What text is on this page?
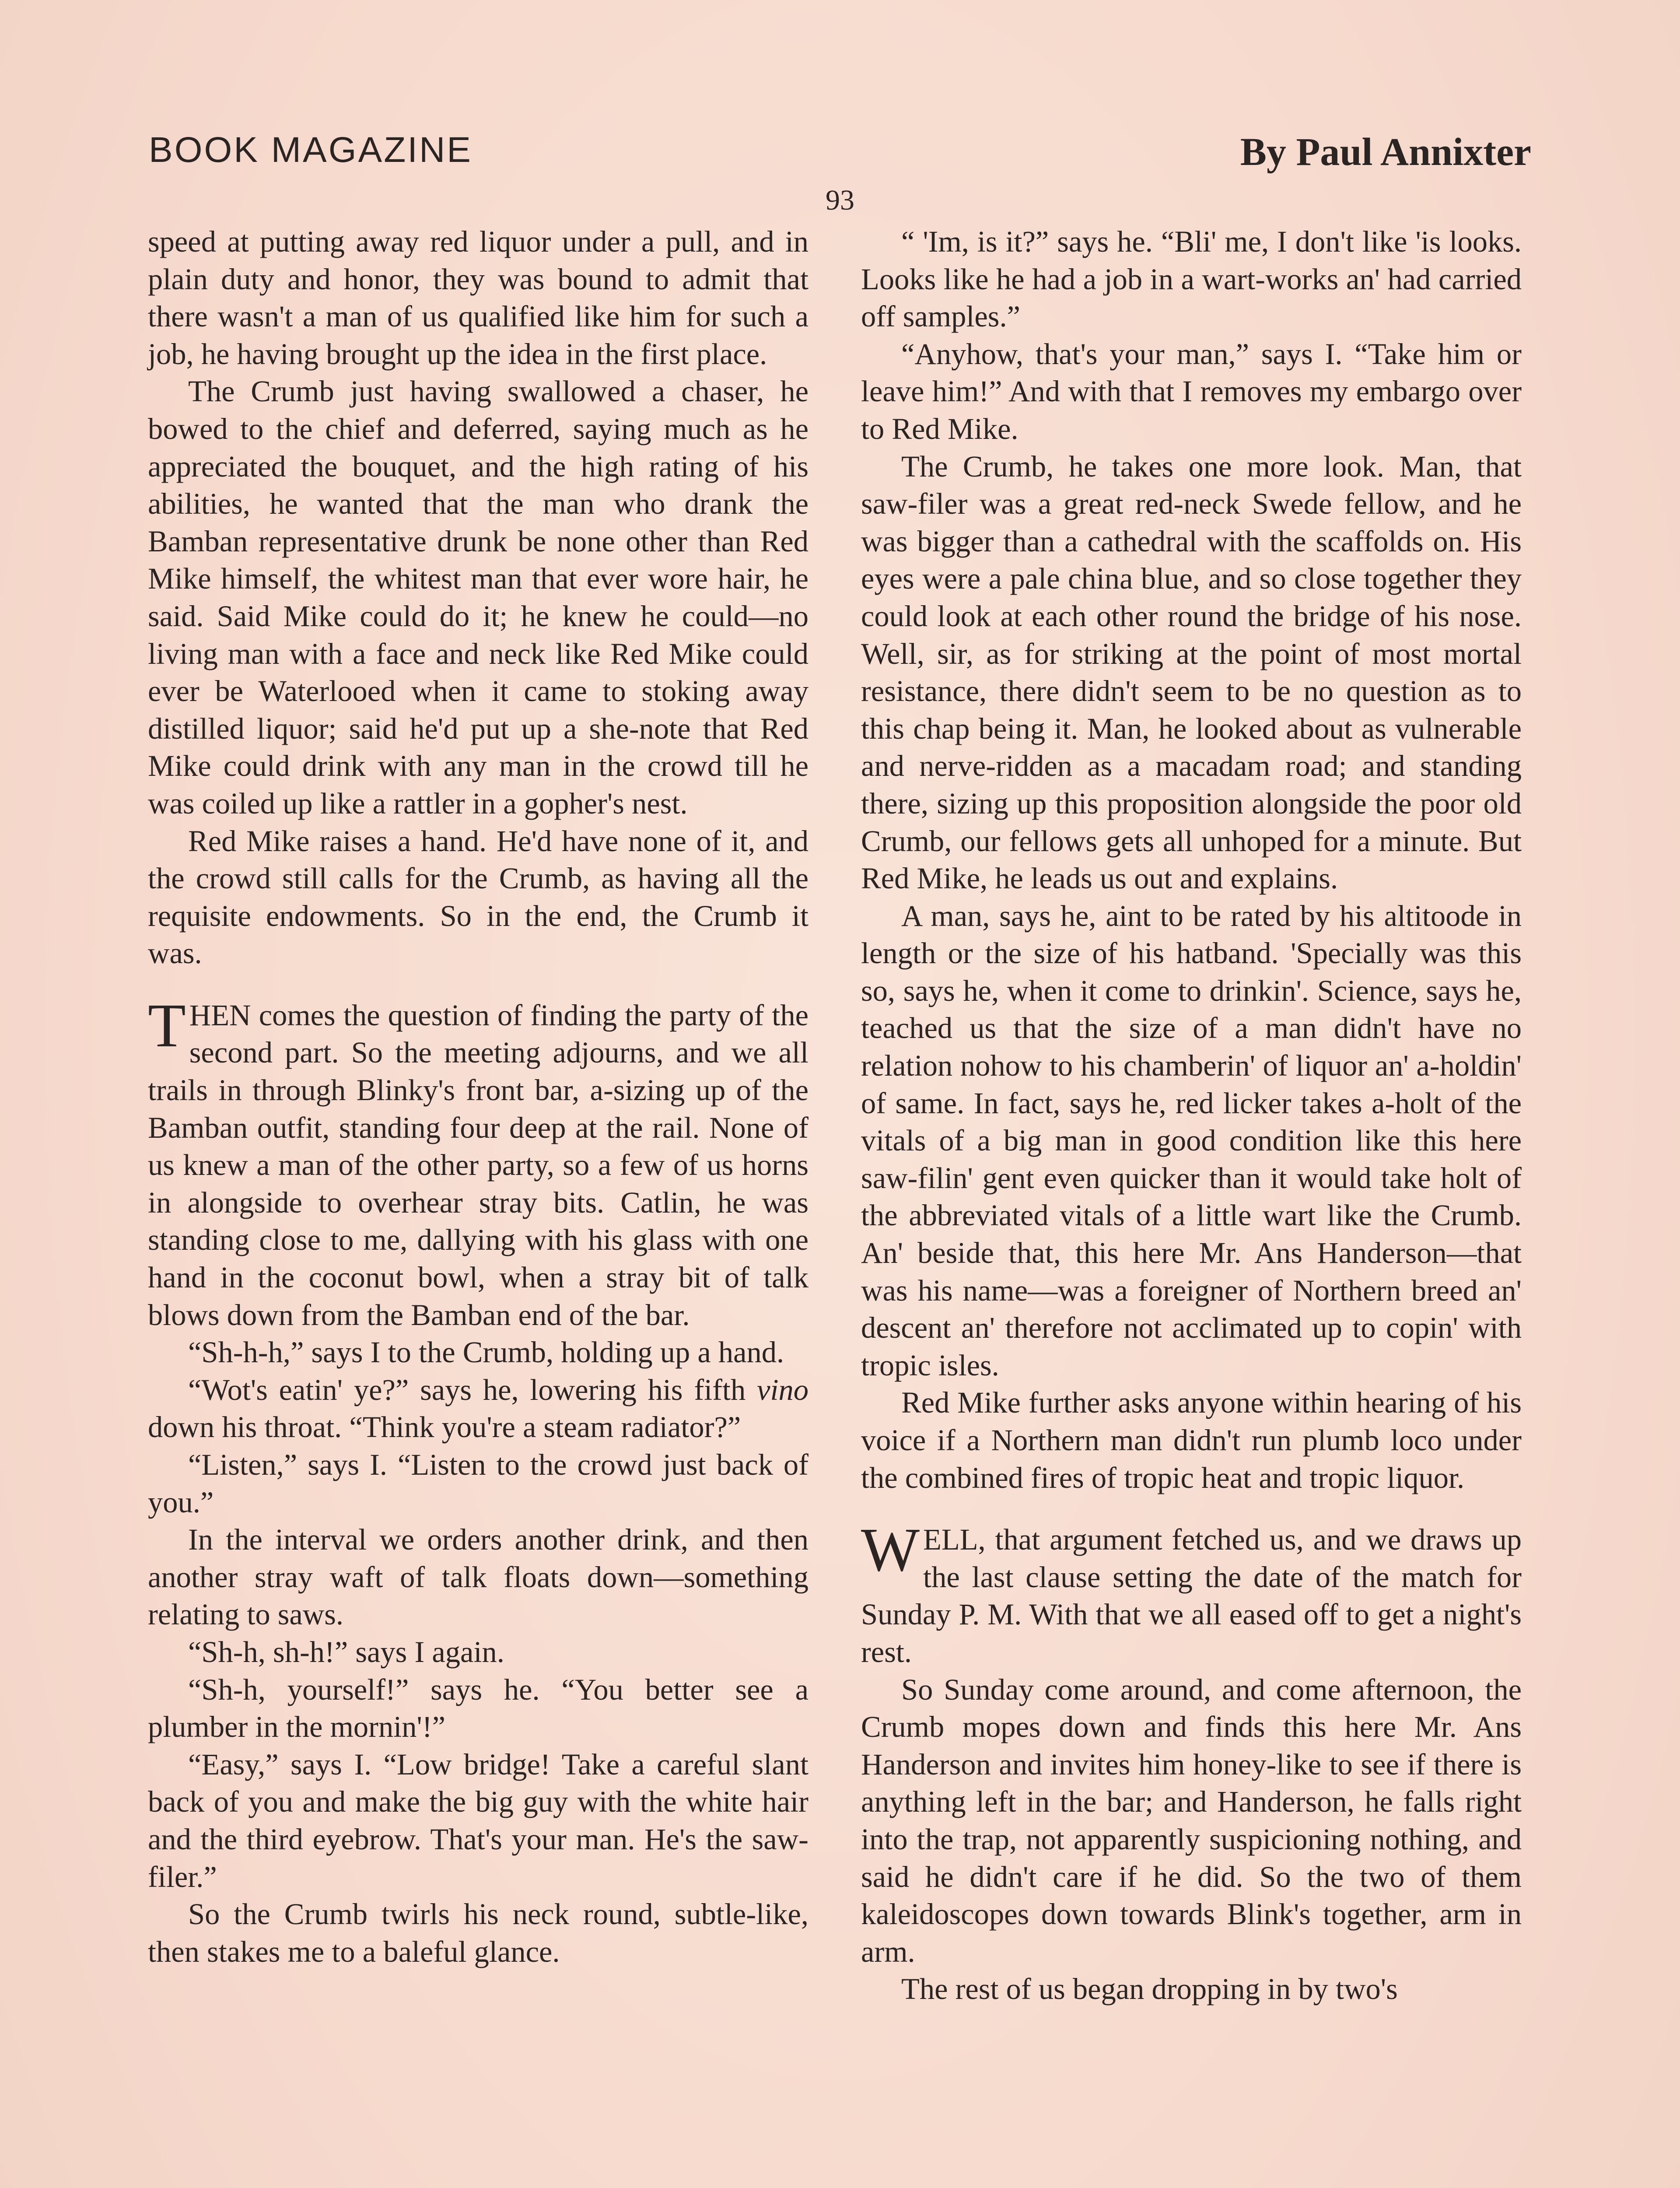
BOOK MAGAZINE	By Paul Annixter
93

speed at putting away red liquor under a pull, and in plain duty and honor, they was bound to admit that there wasn't a man of us qualified like him for such a job, he having brought up the idea in the first place.

The Crumb just having swallowed a chaser, he bowed to the chief and deferred, saying much as he appreciated the bouquet, and the high rating of his abilities, he wanted that the man who drank the Bamban representative drunk be none other than Red Mike himself, the whitest man that ever wore hair, he said. Said Mike could do it; he knew he could—no living man with a face and neck like Red Mike could ever be Waterlooed when it came to stoking away distilled liquor; said he'd put up a she-note that Red Mike could drink with any man in the crowd till he was coiled up like a rattler in a gopher's nest.

Red Mike raises a hand. He'd have none of it, and the crowd still calls for the Crumb, as having all the requisite endowments. So in the end, the Crumb it was.

THEN comes the question of finding the party of the second part. So the meeting adjourns, and we all trails in through Blinky's front bar, a-sizing up of the Bamban outfit, standing four deep at the rail. None of us knew a man of the other party, so a few of us horns in alongside to overhear stray bits. Catlin, he was standing close to me, dallying with his glass with one hand in the coconut bowl, when a stray bit of talk blows down from the Bamban end of the bar.

“Sh-h-h,” says I to the Crumb, holding up a hand.

“Wot's eatin' ye?” says he, lowering his fifth vino down his throat. “Think you're a steam radiator?”

“Listen,” says I. “Listen to the crowd just back of you.”

In the interval we orders another drink, and then another stray waft of talk floats down—something relating to saws.

“Sh-h, sh-h!” says I again.

“Sh-h, yourself!” says he. “You better see a plumber in the mornin'!”

“Easy,” says I. “Low bridge! Take a careful slant back of you and make the big guy with the white hair and the third eyebrow. That's your man. He's the saw-filer.”

So the Crumb twirls his neck round, subtle-like, then stakes me to a baleful glance.

“ 'Im, is it?” says he. “Bli' me, I don't like 'is looks. Looks like he had a job in a wart-works an' had carried off samples.”

“Anyhow, that's your man,” says I. “Take him or leave him!” And with that I removes my embargo over to Red Mike.

The Crumb, he takes one more look. Man, that saw-filer was a great red-neck Swede fellow, and he was bigger than a cathedral with the scaffolds on. His eyes were a pale china blue, and so close together they could look at each other round the bridge of his nose. Well, sir, as for striking at the point of most mortal resistance, there didn't seem to be no question as to this chap being it. Man, he looked about as vulnerable and nerve-ridden as a macadam road; and standing there, sizing up this proposition alongside the poor old Crumb, our fellows gets all unhoped for a minute. But Red Mike, he leads us out and explains.

A man, says he, aint to be rated by his altitoode in length or the size of his hatband. 'Specially was this so, says he, when it come to drinkin'. Science, says he, teached us that the size of a man didn't have no relation nohow to his chamberin' of liquor an' a-holdin' of same. In fact, says he, red licker takes a-holt of the vitals of a big man in good condition like this here saw-filin' gent even quicker than it would take holt of the abbreviated vitals of a little wart like the Crumb. An' beside that, this here Mr. Ans Handerson—that was his name—was a foreigner of Northern breed an' descent an' therefore not acclimated up to copin' with tropic isles.

Red Mike further asks anyone within hearing of his voice if a Northern man didn't run plumb loco under the combined fires of tropic heat and tropic liquor.

WELL, that argument fetched us, and we draws up the last clause setting the date of the match for Sunday P. M. With that we all eased off to get a night's rest.

So Sunday come around, and come afternoon, the Crumb mopes down and finds this here Mr. Ans Handerson and invites him honey-like to see if there is anything left in the bar; and Handerson, he falls right into the trap, not apparently suspicioning nothing, and said he didn't care if he did. So the two of them kaleidoscopes down towards Blink's together, arm in arm.

The rest of us began dropping in by two's
